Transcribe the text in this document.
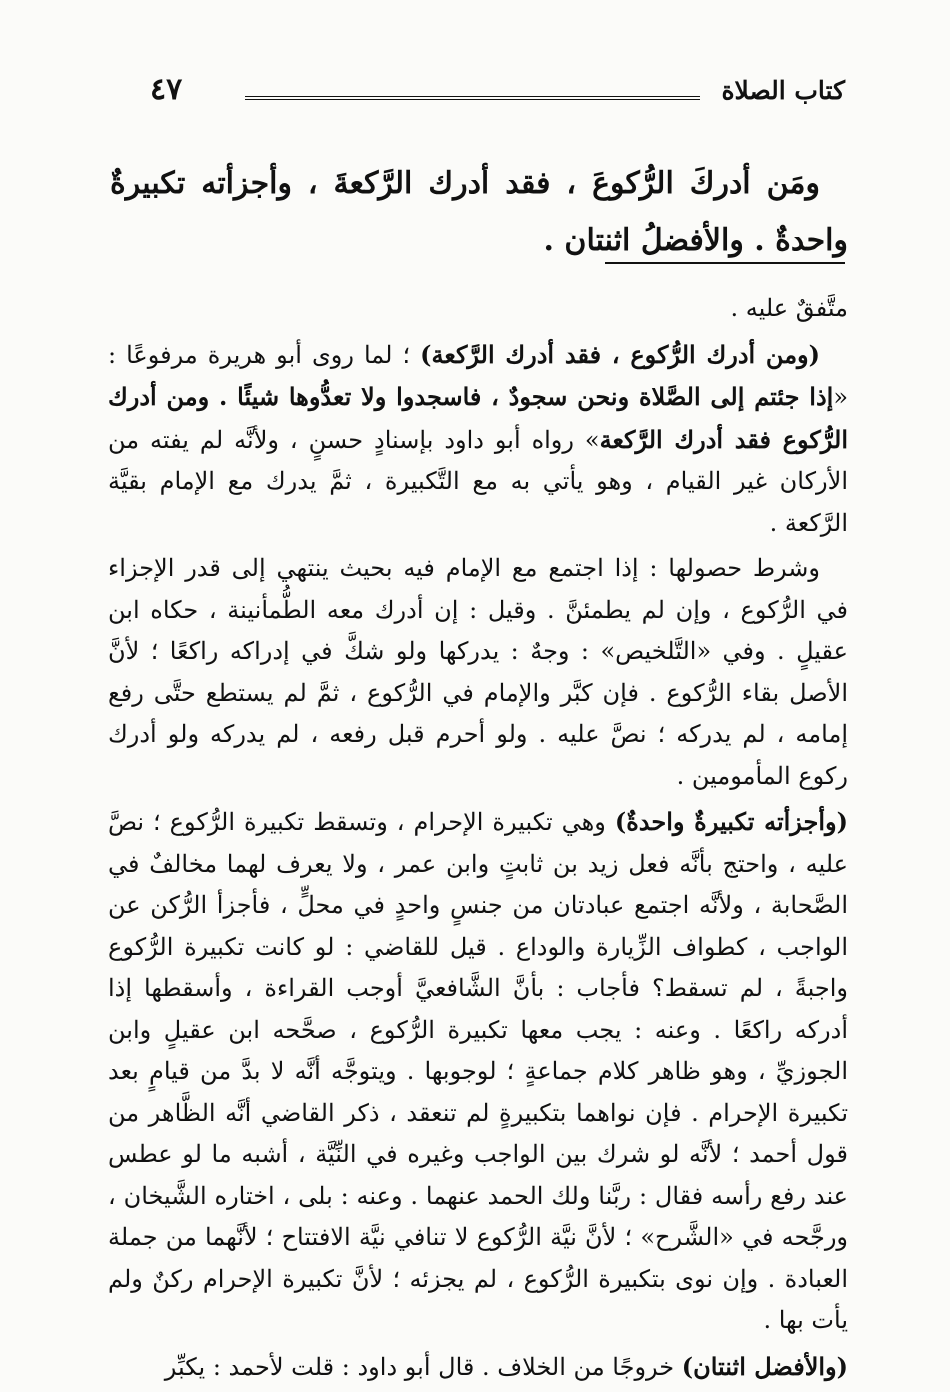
كتاب الصلاة
٤٧

ومَن أدركَ الرُّكوعَ ، فقد أدرك الرَّكعةَ ، وأجزأته تكبيرةٌ واحدةٌ . والأفضلُ اثنتان .

متَّفقٌ عليه .

(ومن أدرك الرُّكوع ، فقد أدرك الرَّكعة) ؛ لما روى أبو هريرة مرفوعًا : «إذا جئتم إلى الصَّلاة ونحن سجودٌ ، فاسجدوا ولا تعدُّوها شيئًا . ومن أدرك الرُّكوع فقد أدرك الرَّكعة» رواه أبو داود بإسنادٍ حسنٍ ، ولأنَّه لم يفته من الأركان غير القيام ، وهو يأتي به مع التَّكبيرة ، ثمَّ يدرك مع الإمام بقيَّة الرَّكعة .

وشرط حصولها : إذا اجتمع مع الإمام فيه بحيث ينتهي إلى قدر الإجزاء في الرُّكوع ، وإن لم يطمئنَّ . وقيل : إن أدرك معه الطُّمأنينة ، حكاه ابن عقيلٍ . وفي «التَّلخيص» : وجهٌ : يدركها ولو شكَّ في إدراكه راكعًا ؛ لأنَّ الأصل بقاء الرُّكوع . فإن كبَّر والإمام في الرُّكوع ، ثمَّ لم يستطع حتَّى رفع إمامه ، لم يدركه ؛ نصَّ عليه . ولو أحرم قبل رفعه ، لم يدركه ولو أدرك ركوع المأمومين .

(وأجزأته تكبيرةٌ واحدةٌ) وهي تكبيرة الإحرام ، وتسقط تكبيرة الرُّكوع ؛ نصَّ عليه ، واحتج بأنَّه فعل زيد بن ثابتٍ وابن عمر ، ولا يعرف لهما مخالفٌ في الصَّحابة ، ولأنَّه اجتمع عبادتان من جنسٍ واحدٍ في محلٍّ ، فأجزأ الرُّكن عن الواجب ، كطواف الزِّيارة والوداع . قيل للقاضي : لو كانت تكبيرة الرُّكوع واجبةً ، لم تسقط؟ فأجاب : بأنَّ الشَّافعيَّ أوجب القراءة ، وأسقطها إذا أدركه راكعًا . وعنه : يجب معها تكبيرة الرُّكوع ، صحَّحه ابن عقيلٍ وابن الجوزيِّ ، وهو ظاهر كلام جماعةٍ ؛ لوجوبها . ويتوجَّه أنَّه لا بدَّ من قيامٍ بعد تكبيرة الإحرام . فإن نواهما بتكبيرةٍ لم تنعقد ، ذكر القاضي أنَّه الظَّاهر من قول أحمد ؛ لأنَّه لو شرك بين الواجب وغيره في النِّيَّة ، أشبه ما لو عطس عند رفع رأسه فقال : ربَّنا ولك الحمد عنهما . وعنه : بلى ، اختاره الشَّيخان ، ورجَّحه في «الشَّرح» ؛ لأنَّ نيَّة الرُّكوع لا تنافي نيَّة الافتتاح ؛ لأنَّهما من جملة العبادة . وإن نوى بتكبيرة الرُّكوع ، لم يجزئه ؛ لأنَّ تكبيرة الإحرام ركنٌ ولم يأت بها .

(والأفضل اثنتان) خروجًا من الخلاف . قال أبو داود : قلت لأحمد : يكبِّر
